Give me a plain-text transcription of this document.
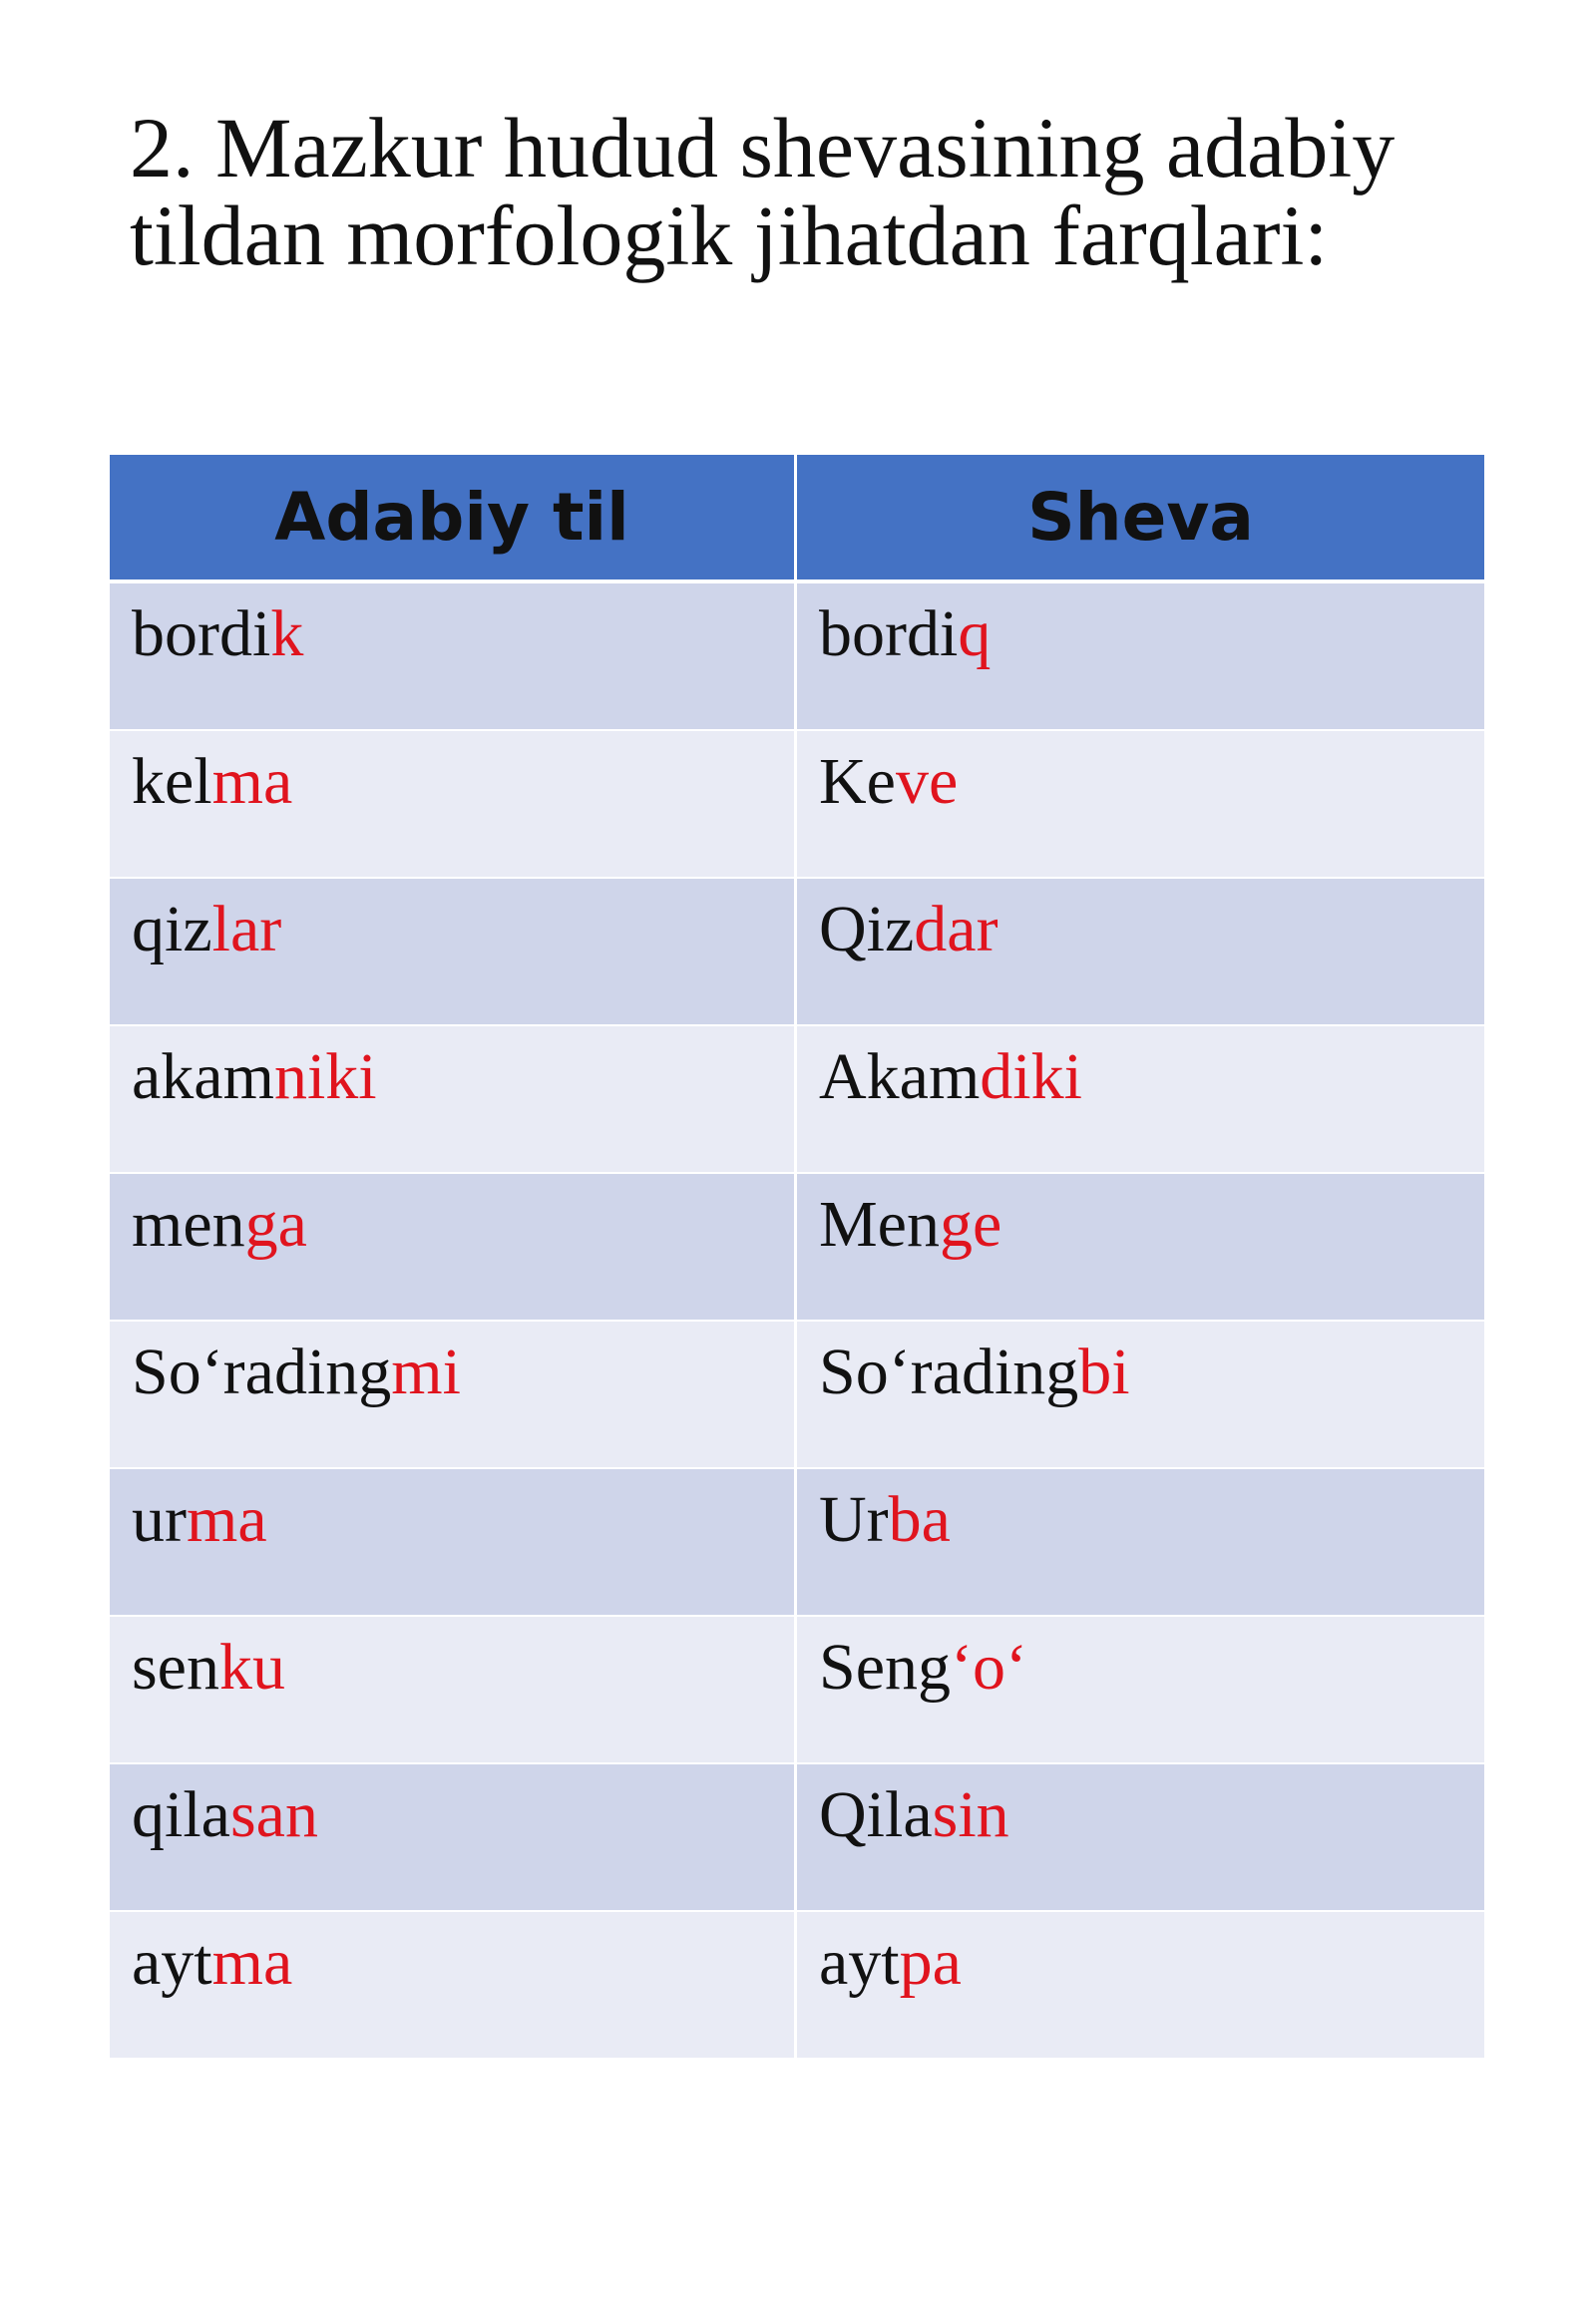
2. Mazkur hudud shevasining adabiy tildan morfologik jihatdan farqlari:
Adabiy til	Sheva

bordik	bordiq

kelma	Keve

qizlar	Qizdar

akamniki	Akamdiki

menga	Menge

So‘radingmi	So‘radingbi

urma	Urba

senku	Seng‘o‘

qilasan	Qilasin

aytma	aytpa
